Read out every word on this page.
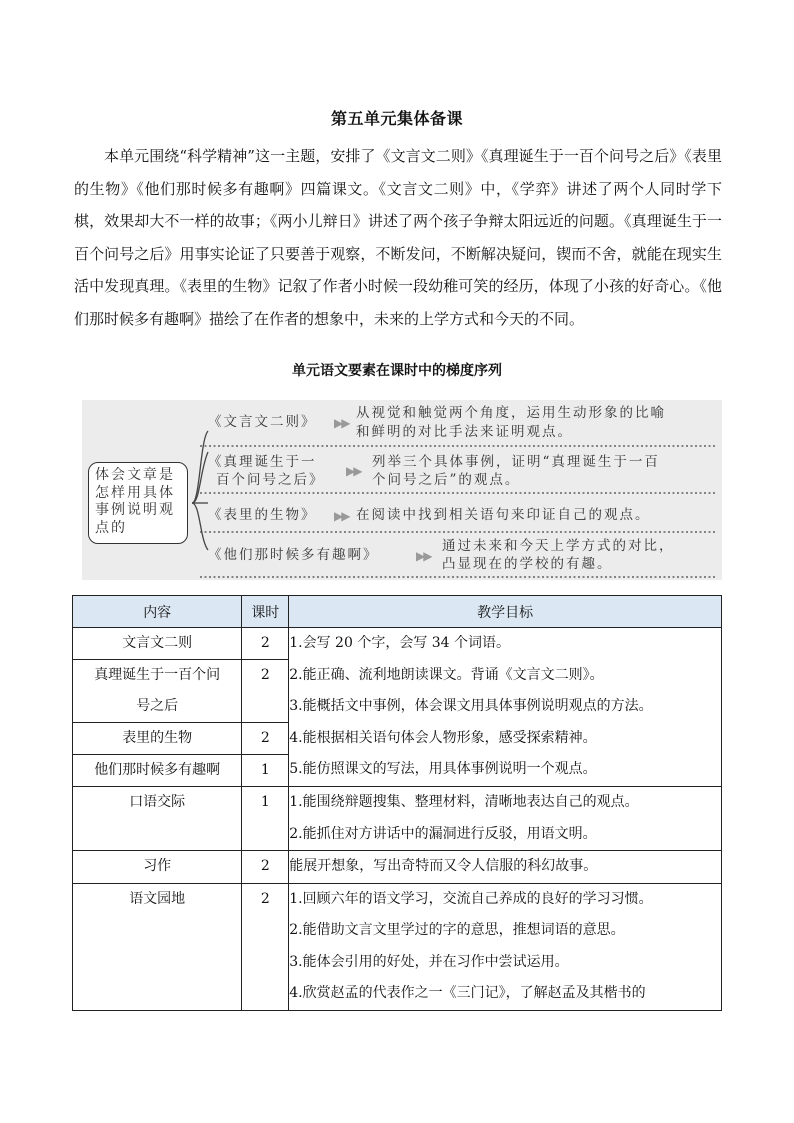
第五单元集体备课

本单元围绕“科学精神”这一主题，安排了《文言文二则》《真理诞生于一百个问号之后》《表里的生物》《他们那时候多有趣啊》四篇课文。《文言文二则》中，《学弈》讲述了两个人同时学下棋，效果却大不一样的故事；《两小儿辩日》讲述了两个孩子争辩太阳远近的问题。《真理诞生于一百个问号之后》用事实论证了只要善于观察，不断发问，不断解决疑问，锲而不舍，就能在现实生活中发现真理。《表里的生物》记叙了作者小时候一段幼稚可笑的经历，体现了小孩的好奇心。《他们那时候多有趣啊》描绘了在作者的想象中，未来的上学方式和今天的不同。

单元语文要素在课时中的梯度序列
体会文章是
怎样用具体
事例说明观
点的
《文言文二则》 ▶▶
从视觉和触觉两个角度，运用生动形象的比喻
和鲜明的对比手法来证明观点。
《真理诞生于一
百个问号之后》
▶▶
列举三个具体事例，证明“真理诞生于一百
个问号之后”的观点。
《表里的生物》 ▶▶ 在阅读中找到相关语句来印证自己的观点。
《他们那时候多有趣啊》	▶▶
通过未来和今天上学方式的对比，
凸显现在的学校的有趣。
内容	课时	教学目标

文言文二则	2	1.会写 20 个字，会写 34 个词语。
2.能正确、流利地朗读课文。背诵《文言文二则》。
3.能概括文中事例，体会课文用具体事例说明观点的方法。
4.能根据相关语句体会人物形象，感受探索精神。
5.能仿照课文的写法，用具体事例说明一个观点。

真理诞生于一百个问
号之后	2	

表里的生物	2	

他们那时候多有趣啊	1	

口语交际	1	1.能围绕辩题搜集、整理材料，清晰地表达自己的观点。
2.能抓住对方讲话中的漏洞进行反驳，用语文明。

习作	2	能展开想象，写出奇特而又令人信服的科幻故事。

语文园地	2	1.回顾六年的语文学习，交流自己养成的良好的学习习惯。
2.能借助文言文里学过的字的意思，推想词语的意思。
3.能体会引用的好处，并在习作中尝试运用。
4.欣赏赵孟的代表作之一《三门记》，了解赵孟及其楷书的
